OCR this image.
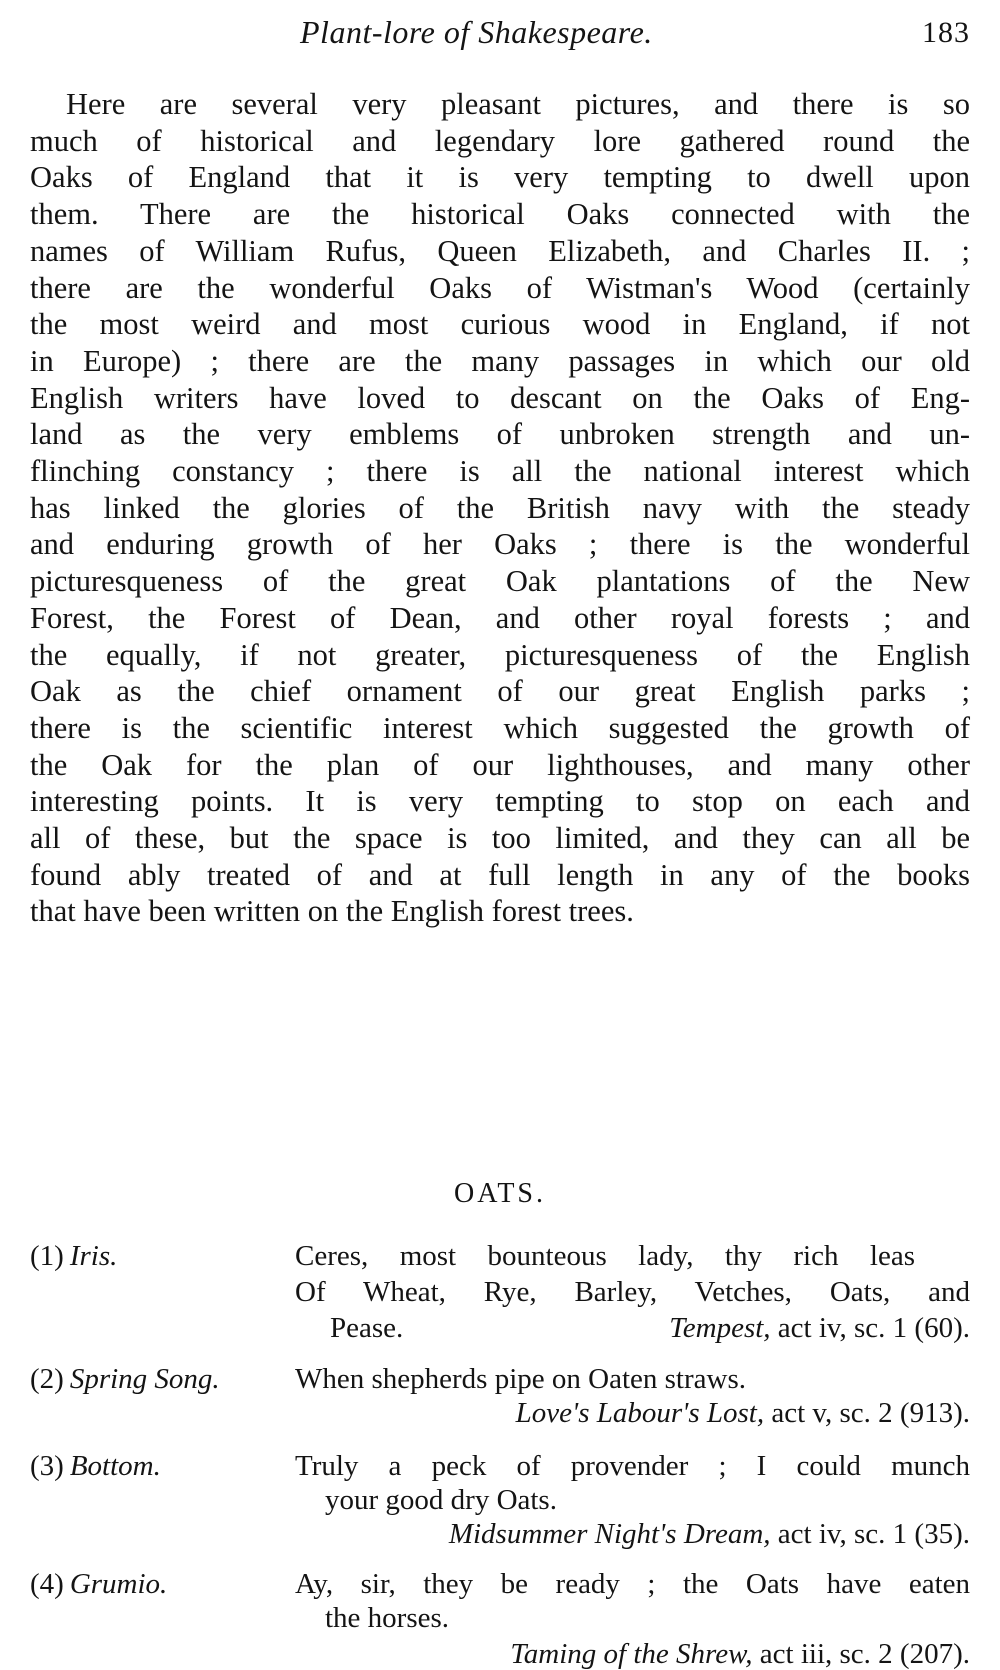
Plant-lore of Shakespeare.	183

Here are several very pleasant pictures, and there is so
much of historical and legendary lore gathered round the
Oaks of England that it is very tempting to dwell upon
them. There are the historical Oaks connected with the
names of William Rufus, Queen Elizabeth, and Charles II. ;
there are the wonderful Oaks of Wistman's Wood (certainly
the most weird and most curious wood in England, if not
in Europe) ; there are the many passages in which our old
English writers have loved to descant on the Oaks of Eng-
land as the very emblems of unbroken strength and un-
flinching constancy ; there is all the national interest which
has linked the glories of the British navy with the steady
and enduring growth of her Oaks ; there is the wonderful
picturesqueness of the great Oak plantations of the New
Forest, the Forest of Dean, and other royal forests ; and
the equally, if not greater, picturesqueness of the English
Oak as the chief ornament of our great English parks ;
there is the scientific interest which suggested the growth of
the Oak for the plan of our lighthouses, and many other
interesting points. It is very tempting to stop on each and
all of these, but the space is too limited, and they can all be
found ably treated of and at full length in any of the books
that have been written on the English forest trees.

OATS.
(1) Iris.	Ceres, most bounteous lady, thy rich leas
Of Wheat, Rye, Barley, Vetches, Oats, and
Pease.	Tempest, act iv, sc. 1 (60).
(2) Spring Song.	When shepherds pipe on Oaten straws.
Love's Labour's Lost, act v, sc. 2 (913).
(3) Bottom.	Truly a peck of provender ; I could munch
your good dry Oats.
Midsummer Night's Dream, act iv, sc. 1 (35).
(4) Grumio.	Ay, sir, they be ready ; the Oats have eaten
the horses.
Taming of the Shrew, act iii, sc. 2 (207).
